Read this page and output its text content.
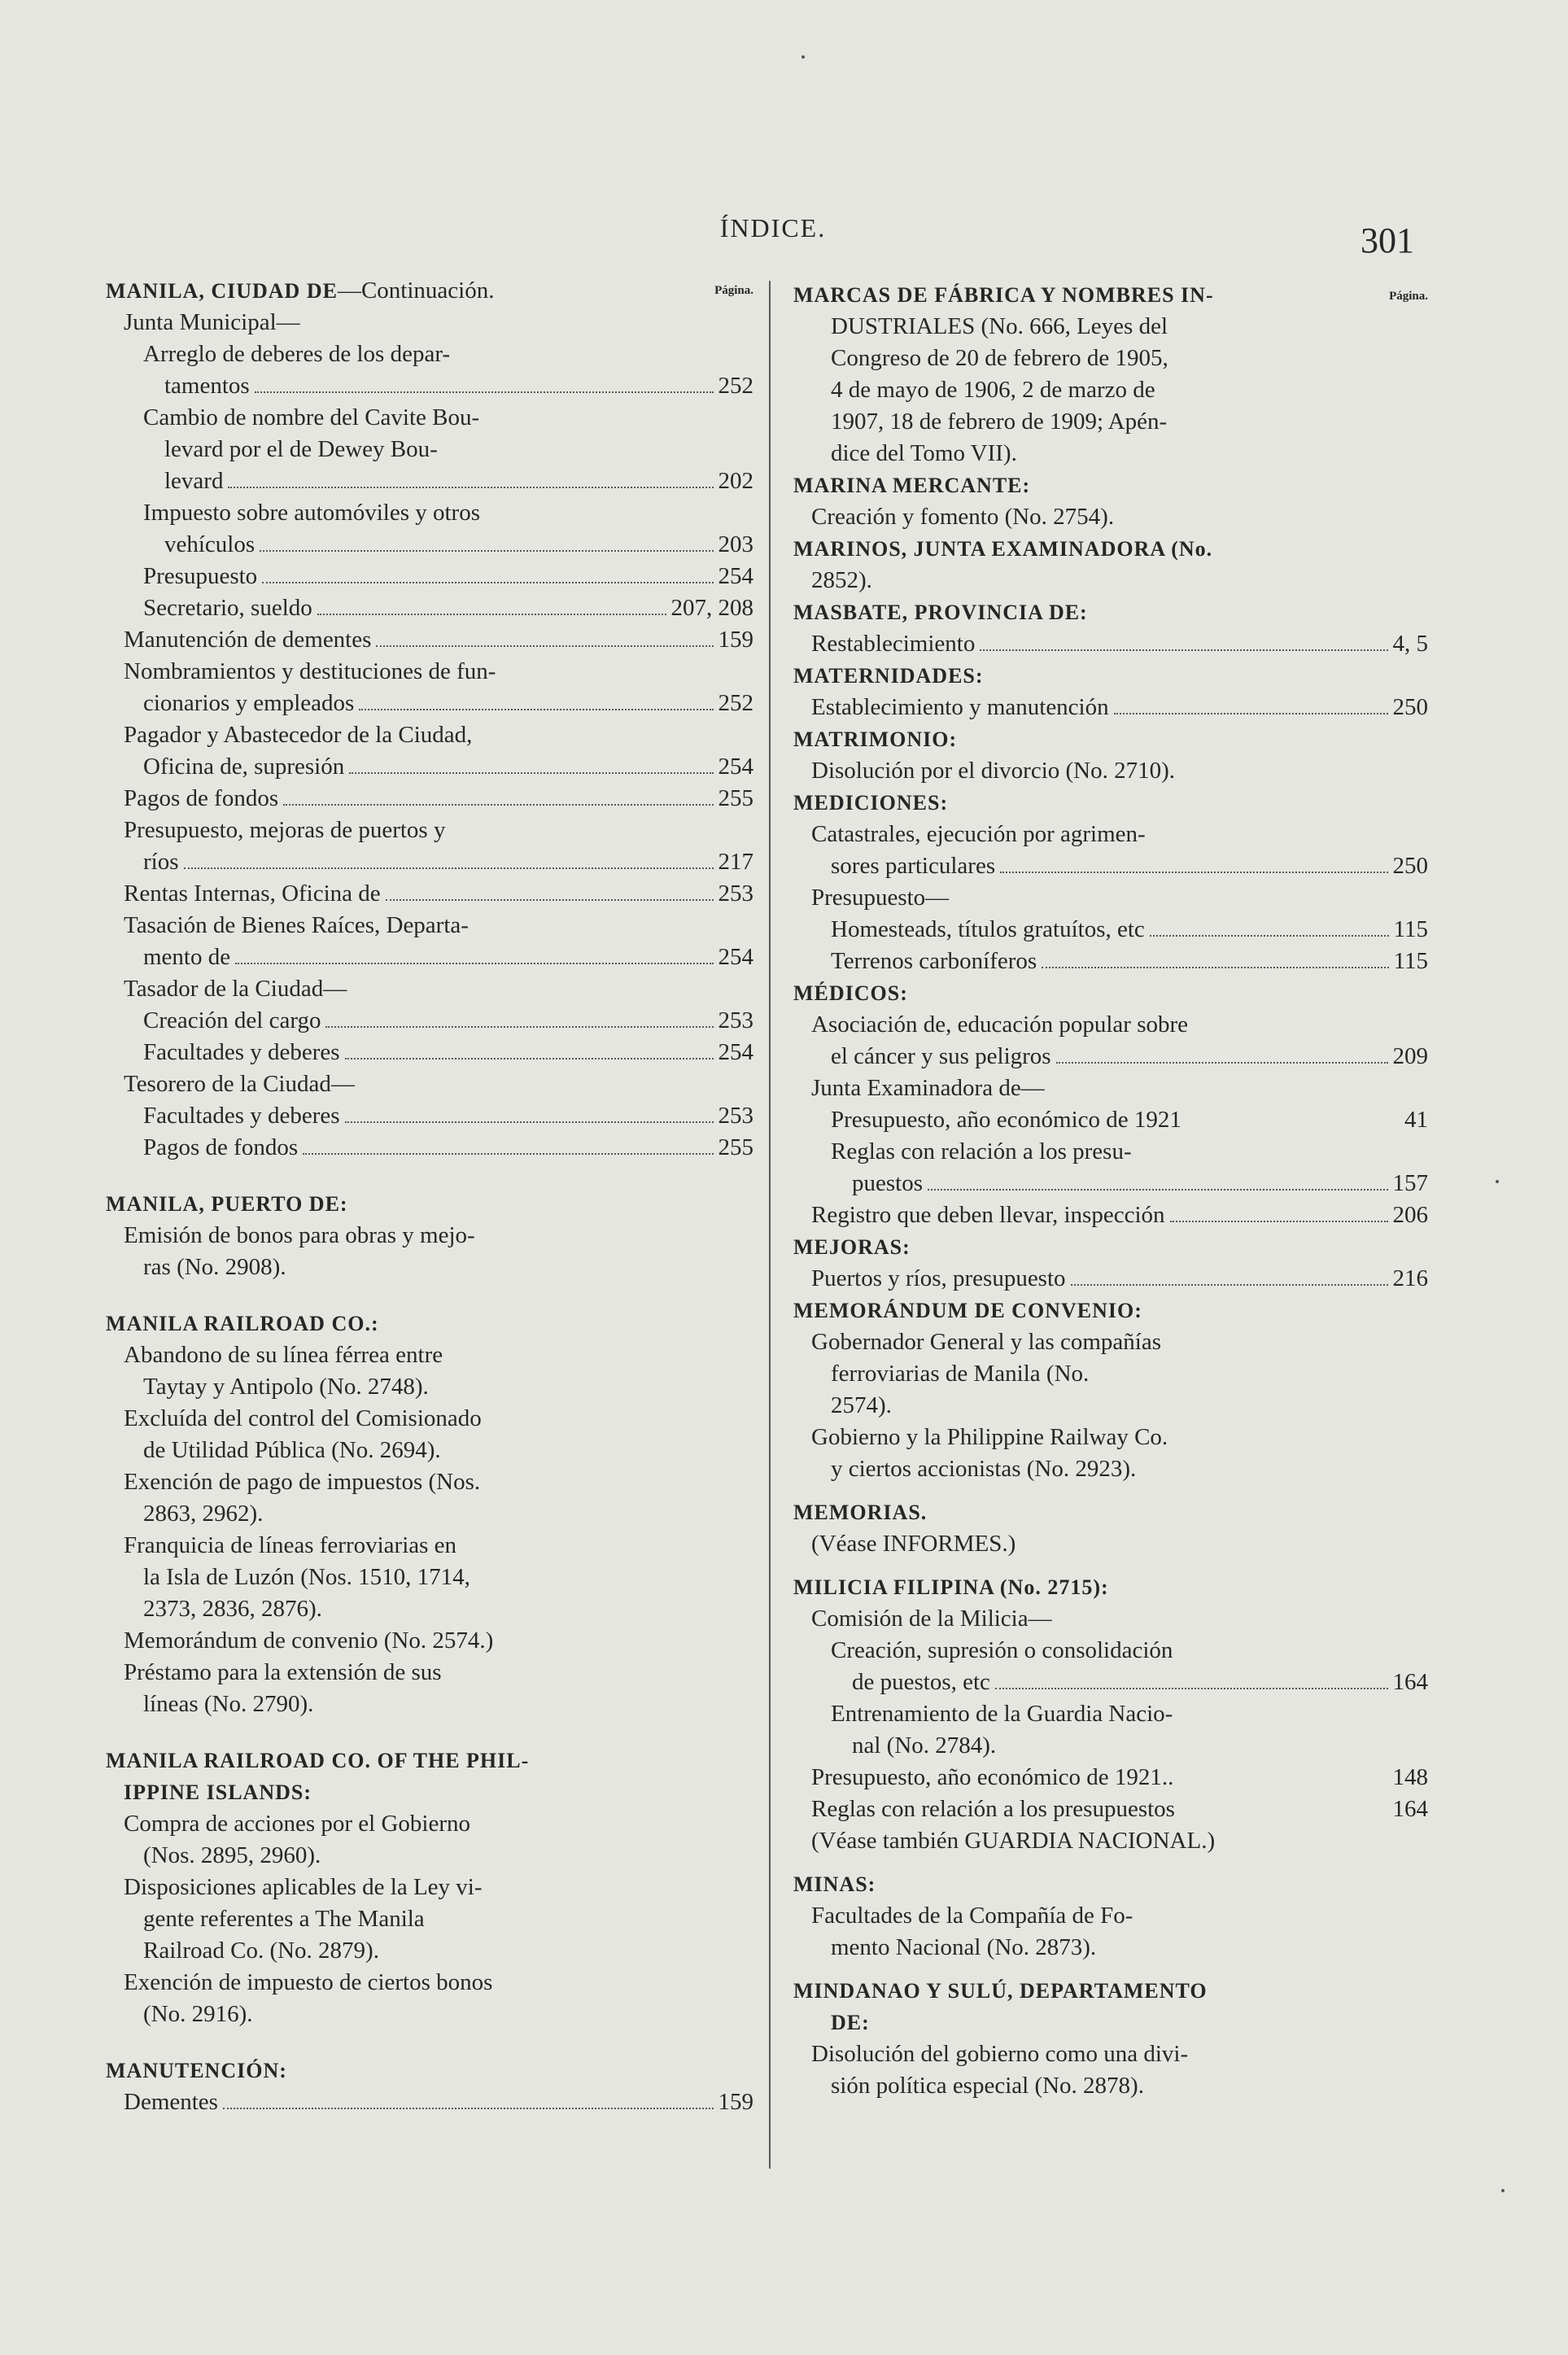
ÍNDICE.	301
Página.
MANILA, CIUDAD DE—Continuación.
Junta Municipal—
Arreglo de deberes de los depar-
tamentos	252
Cambio de nombre del Cavite Bou-
levard por el de Dewey Bou-
levard	202
Impuesto sobre automóviles y otros
vehículos	203
Presupuesto	254
Secretario, sueldo	207, 208
Manutención de dementes	159
Nombramientos y destituciones de fun-
cionarios y empleados	252
Pagador y Abastecedor de la Ciudad,
Oficina de, supresión	254
Pagos de fondos	255
Presupuesto, mejoras de puertos y
ríos	217
Rentas Internas, Oficina de	253
Tasación de Bienes Raíces, Departa-
mento de	254
Tasador de la Ciudad—
Creación del cargo	253
Facultades y deberes	254
Tesorero de la Ciudad—
Facultades y deberes	253
Pagos de fondos	255
MANILA, PUERTO DE:
Emisión de bonos para obras y mejo-
ras (No. 2908).
MANILA RAILROAD CO.:
Abandono de su línea férrea entre
Taytay y Antipolo (No. 2748).
Excluída del control del Comisionado
de Utilidad Pública (No. 2694).
Exención de pago de impuestos (Nos.
2863, 2962).
Franquicia de líneas ferroviarias en
la Isla de Luzón (Nos. 1510, 1714,
2373, 2836, 2876).
Memorándum de convenio (No. 2574.)
Préstamo para la extensión de sus
líneas (No. 2790).
MANILA RAILROAD CO. OF THE PHIL-
IPPINE ISLANDS:
Compra de acciones por el Gobierno
(Nos. 2895, 2960).
Disposiciones aplicables de la Ley vi-
gente referentes a The Manila
Railroad Co. (No. 2879).
Exención de impuesto de ciertos bonos
(No. 2916).
MANUTENCIÓN:
Dementes	159
Página.
MARCAS DE FÁBRICA Y NOMBRES IN-
DUSTRIALES (No. 666, Leyes del
Congreso de 20 de febrero de 1905,
4 de mayo de 1906, 2 de marzo de
1907, 18 de febrero de 1909; Apén-
dice del Tomo VII).
MARINA MERCANTE:
Creación y fomento (No. 2754).
MARINOS, JUNTA EXAMINADORA (No.
2852).
MASBATE, PROVINCIA DE:
Restablecimiento	4, 5
MATERNIDADES:
Establecimiento y manutención	250
MATRIMONIO:
Disolución por el divorcio (No. 2710).
MEDICIONES:
Catastrales, ejecución por agrimen-
sores particulares	250
Presupuesto—
Homesteads, títulos gratuítos, etc	115
Terrenos carboníferos	115
MÉDICOS:
Asociación de, educación popular sobre
el cáncer y sus peligros	209
Junta Examinadora de—
Presupuesto, año económico de 1921	41
Reglas con relación a los presu-
puestos	157
Registro que deben llevar, inspección	206
MEJORAS:
Puertos y ríos, presupuesto	216
MEMORÁNDUM DE CONVENIO:
Gobernador General y las compañías
ferroviarias de Manila (No.
2574).
Gobierno y la Philippine Railway Co.
y ciertos accionistas (No. 2923).
MEMORIAS.
(Véase INFORMES.)
MILICIA FILIPINA (No. 2715):
Comisión de la Milicia—
Creación, supresión o consolidación
de puestos, etc	164
Entrenamiento de la Guardia Nacio-
nal (No. 2784).
Presupuesto, año económico de 1921..	148
Reglas con relación a los presupuestos	164
(Véase también GUARDIA NACIONAL.)
MINAS:
Facultades de la Compañía de Fo-
mento Nacional (No. 2873).
MINDANAO Y SULÚ, DEPARTAMENTO
DE:
Disolución del gobierno como una divi-
sión política especial (No. 2878).
